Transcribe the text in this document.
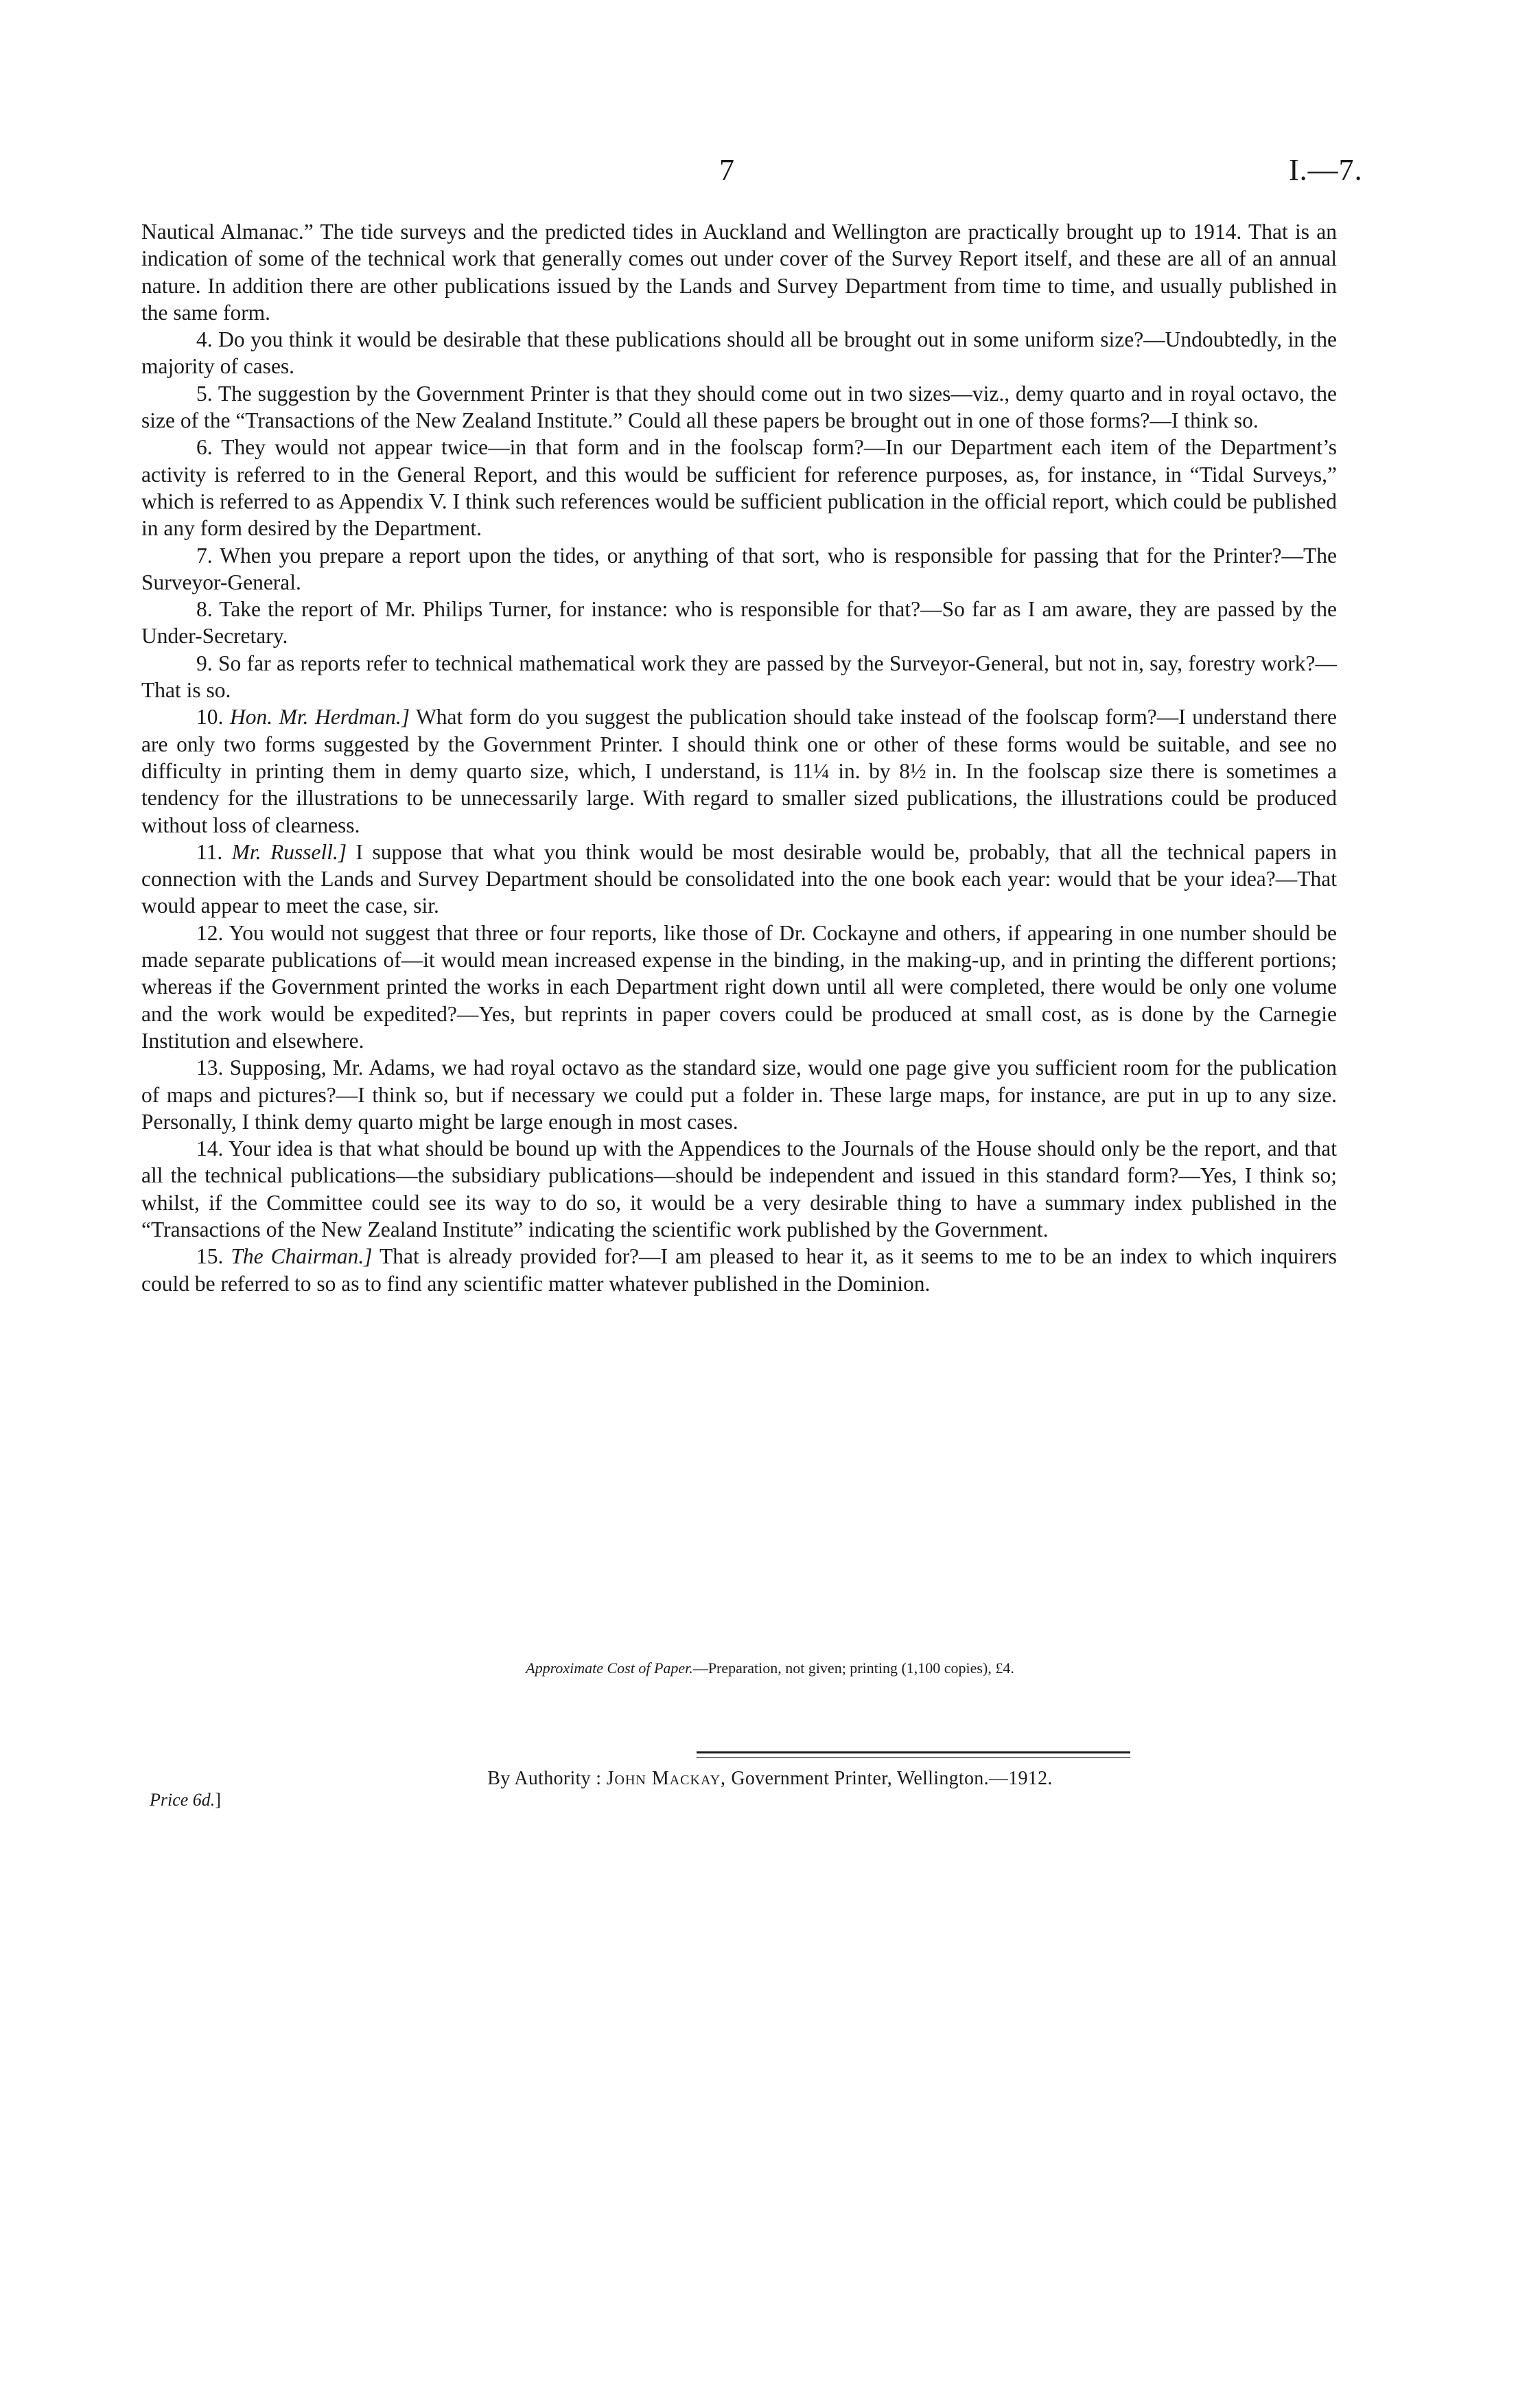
7	I.—7.

Nautical Almanac.” The tide surveys and the predicted tides in Auckland and Wellington are practically brought up to 1914. That is an indication of some of the technical work that generally comes out under cover of the Survey Report itself, and these are all of an annual nature. In addition there are other publications issued by the Lands and Survey Department from time to time, and usually published in the same form.

4. Do you think it would be desirable that these publications should all be brought out in some uniform size?—Undoubtedly, in the majority of cases.

5. The suggestion by the Government Printer is that they should come out in two sizes—viz., demy quarto and in royal octavo, the size of the “Transactions of the New Zealand Institute.” Could all these papers be brought out in one of those forms?—I think so.

6. They would not appear twice—in that form and in the foolscap form?—In our Department each item of the Department’s activity is referred to in the General Report, and this would be sufficient for reference purposes, as, for instance, in “Tidal Surveys,” which is referred to as Appendix V. I think such references would be sufficient publication in the official report, which could be published in any form desired by the Department.

7. When you prepare a report upon the tides, or anything of that sort, who is responsible for passing that for the Printer?—The Surveyor-General.

8. Take the report of Mr. Philips Turner, for instance: who is responsible for that?—So far as I am aware, they are passed by the Under-Secretary.

9. So far as reports refer to technical mathematical work they are passed by the Surveyor-General, but not in, say, forestry work?—That is so.

10. Hon. Mr. Herdman.] What form do you suggest the publication should take instead of the foolscap form?—I understand there are only two forms suggested by the Government Printer. I should think one or other of these forms would be suitable, and see no difficulty in printing them in demy quarto size, which, I understand, is 11¼ in. by 8½ in. In the foolscap size there is sometimes a tendency for the illustrations to be unnecessarily large. With regard to smaller sized publications, the illustrations could be produced without loss of clearness.

11. Mr. Russell.] I suppose that what you think would be most desirable would be, probably, that all the technical papers in connection with the Lands and Survey Department should be consolidated into the one book each year: would that be your idea?—That would appear to meet the case, sir.

12. You would not suggest that three or four reports, like those of Dr. Cockayne and others, if appearing in one number should be made separate publications of—it would mean increased expense in the binding, in the making-up, and in printing the different portions; whereas if the Government printed the works in each Department right down until all were completed, there would be only one volume and the work would be expedited?—Yes, but reprints in paper covers could be produced at small cost, as is done by the Carnegie Institution and elsewhere.

13. Supposing, Mr. Adams, we had royal octavo as the standard size, would one page give you sufficient room for the publication of maps and pictures?—I think so, but if necessary we could put a folder in. These large maps, for instance, are put in up to any size. Personally, I think demy quarto might be large enough in most cases.

14. Your idea is that what should be bound up with the Appendices to the Journals of the House should only be the report, and that all the technical publications—the subsidiary publications—should be independent and issued in this standard form?—Yes, I think so; whilst, if the Committee could see its way to do so, it would be a very desirable thing to have a summary index published in the “Transactions of the New Zealand Institute” indicating the scientific work published by the Government.

15. The Chairman.] That is already provided for?—I am pleased to hear it, as it seems to me to be an index to which inquirers could be referred to so as to find any scientific matter whatever published in the Dominion.

Approximate Cost of Paper.—Preparation, not given; printing (1,100 copies), £4.
By Authority : John Mackay, Government Printer, Wellington.—1912.
Price 6d.]
